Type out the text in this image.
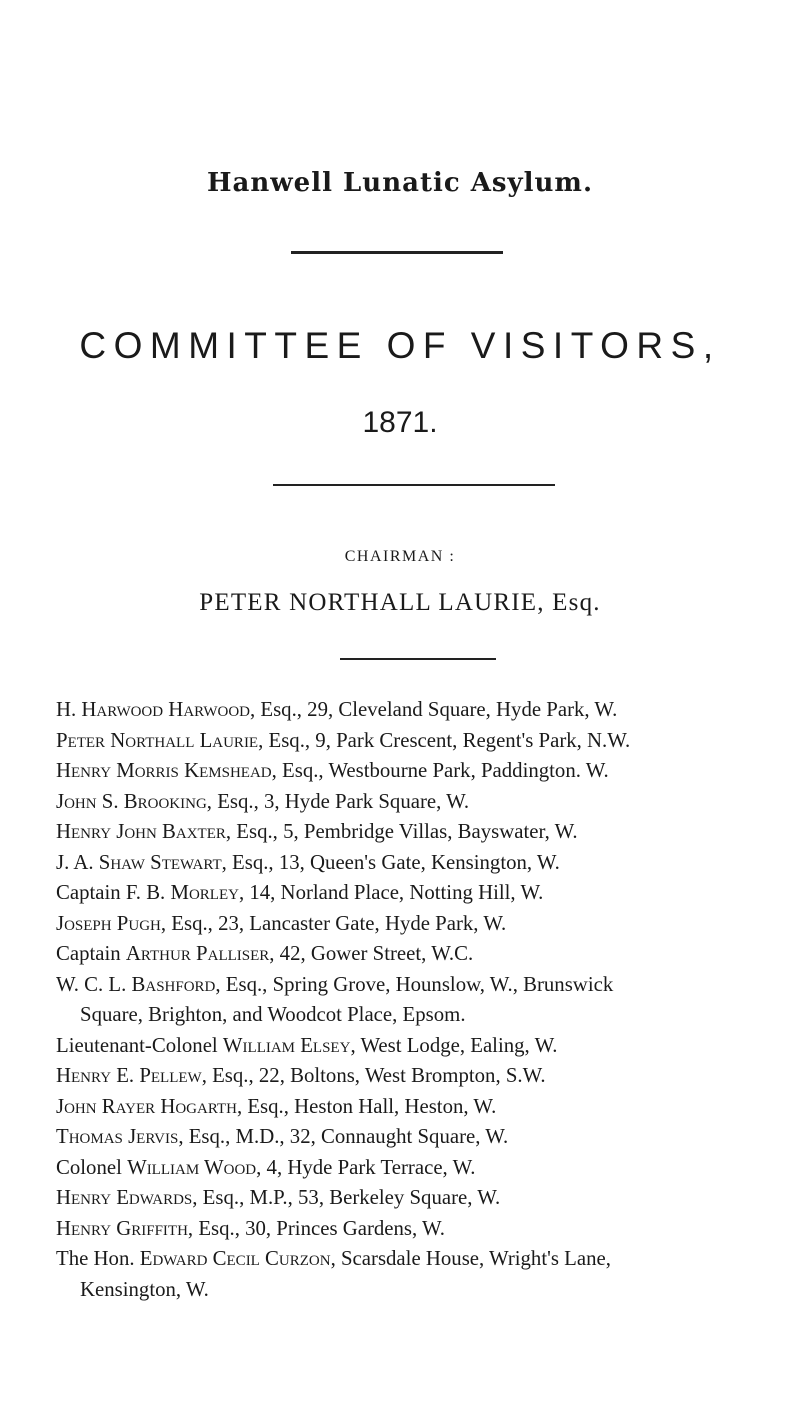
Hanwell Lunatic Asylum.
COMMITTEE OF VISITORS,
1871.
CHAIRMAN :
PETER NORTHALL LAURIE, Esq.
H. Harwood Harwood, Esq., 29, Cleveland Square, Hyde Park, W.
Peter Northall Laurie, Esq., 9, Park Crescent, Regent's Park, N.W.
Henry Morris Kemshead, Esq., Westbourne Park, Paddington. W.
John S. Brooking, Esq., 3, Hyde Park Square, W.
Henry John Baxter, Esq., 5, Pembridge Villas, Bayswater, W.
J. A. Shaw Stewart, Esq., 13, Queen's Gate, Kensington, W.
Captain F. B. Morley, 14, Norland Place, Notting Hill, W.
Joseph Pugh, Esq., 23, Lancaster Gate, Hyde Park, W.
Captain Arthur Palliser, 42, Gower Street, W.C.
W. C. L. Bashford, Esq., Spring Grove, Hounslow, W., Brunswick
Square, Brighton, and Woodcot Place, Epsom.
Lieutenant-Colonel William Elsey, West Lodge, Ealing, W.
Henry E. Pellew, Esq., 22, Boltons, West Brompton, S.W.
John Rayer Hogarth, Esq., Heston Hall, Heston, W.
Thomas Jervis, Esq., M.D., 32, Connaught Square, W.
Colonel William Wood, 4, Hyde Park Terrace, W.
Henry Edwards, Esq., M.P., 53, Berkeley Square, W.
Henry Griffith, Esq., 30, Princes Gardens, W.
The Hon. Edward Cecil Curzon, Scarsdale House, Wright's Lane,
Kensington, W.
